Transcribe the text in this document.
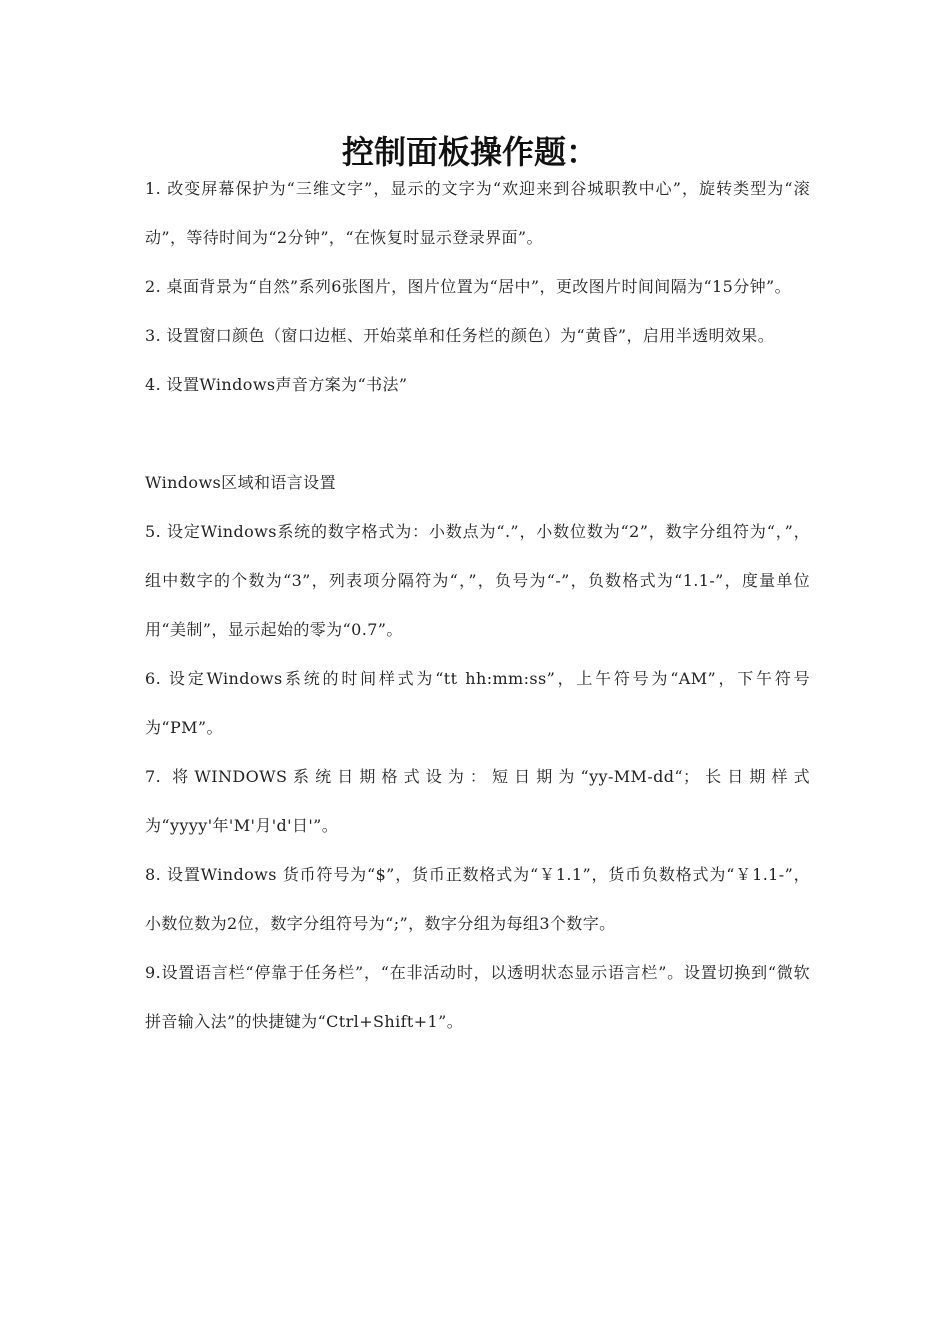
控制面板操作题：

1. 改变屏幕保护为“三维文字”，显示的文字为“欢迎来到谷城职教中心”，旋转类型为“滚动”，等待时间为“2分钟”，“在恢复时显示登录界面”。

2. 桌面背景为“自然”系列6张图片，图片位置为“居中”，更改图片时间间隔为“15分钟”。

3. 设置窗口颜色（窗口边框、开始菜单和任务栏的颜色）为“黄昏”，启用半透明效果。

4. 设置Windows声音方案为“书法”

Windows区域和语言设置

5. 设定Windows系统的数字格式为：小数点为“.”，小数位数为“2”，数字分组符为“，”，组中数字的个数为“3”，列表项分隔符为“，”，负号为“-”，负数格式为“1.1-”，度量单位用“美制”，显示起始的零为“0.7”。

6. 设定Windows系统的时间样式为“tt hh:mm:ss”，上午符号为“AM”，下午符号为“PM”。

7. 将WINDOWS系统日期格式设为：短日期为“yy-MM-dd“；长日期样式为“yyyy'年'M'月'd'日'”。

8. 设置Windows 货币符号为“$”，货币正数格式为“￥1.1”，货币负数格式为“￥1.1-”，小数位数为2位，数字分组符号为“;”，数字分组为每组3个数字。

9.设置语言栏“停靠于任务栏”，“在非活动时，以透明状态显示语言栏”。设置切换到“微软拼音输入法”的快捷键为“Ctrl+Shift+1”。
